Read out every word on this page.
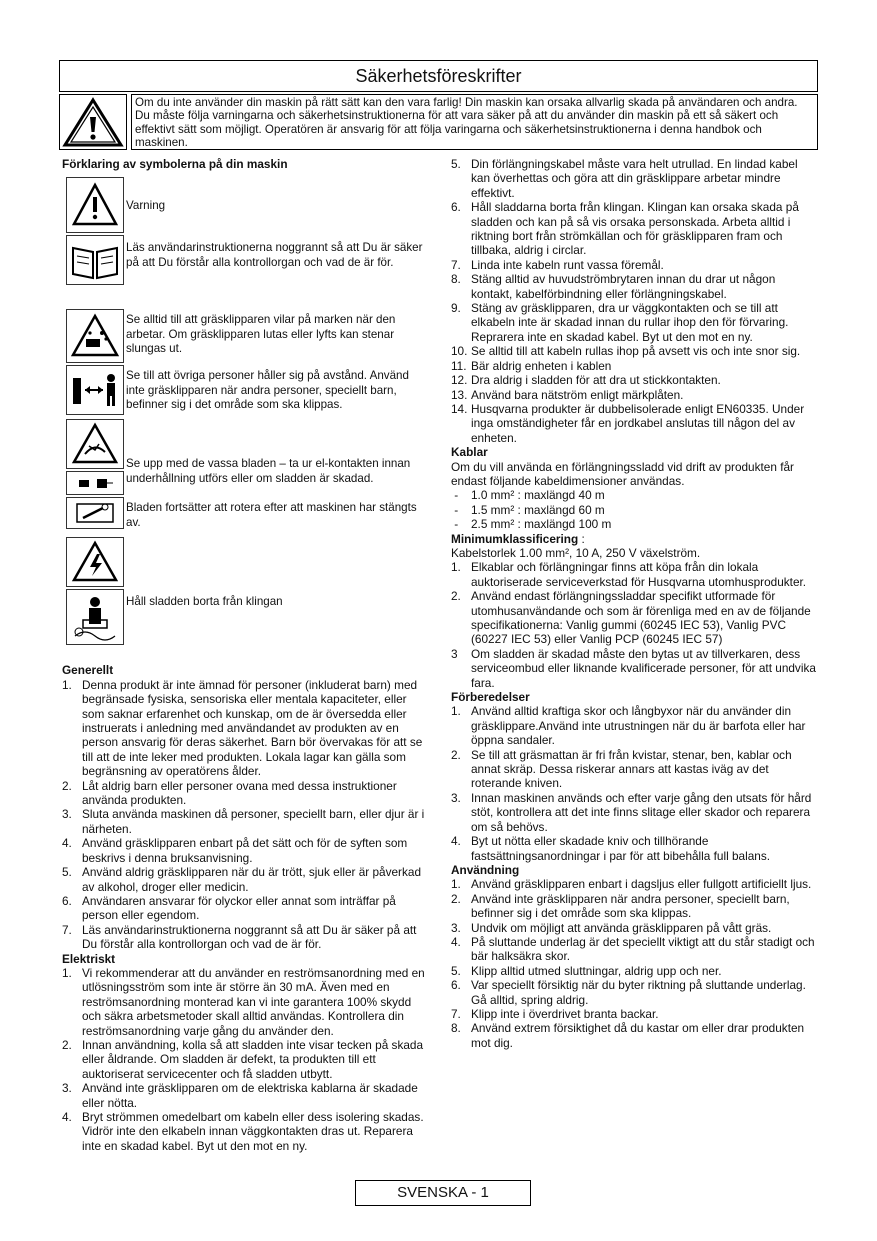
Säkerhetsföreskrifter
Om du inte använder din maskin på rätt sätt kan den vara farlig! Din maskin kan orsaka allvarlig skada på användaren och andra. Du måste följa varningarna och säkerhetsinstruktionerna för att vara säker på att du använder din maskin på ett så säkert och effektivt sätt som möjligt. Operatören är ansvarig för att följa varingarna och säkerhetsinstruktionerna i denna handbok och maskinen.
Förklaring av symbolerna på din maskin
Varning
Läs användarinstruktionerna noggrannt så att Du är säker på att Du förstår alla kontrollorgan och vad de är för.
Se alltid till att gräsklipparen vilar på marken när den arbetar. Om gräsklipparen lutas eller lyfts kan stenar slungas ut.
Se till att övriga personer håller sig på avstånd. Använd inte gräsklipparen när andra personer, speciellt barn, befinner sig i det område som ska klippas.
Se upp med de vassa bladen – ta ur el-kontakten innan underhållning utförs eller om sladden är skadad.
Bladen fortsätter att rotera efter att maskinen har stängts av.
Håll sladden borta från klingan
Generellt
1. Denna produkt är inte ämnad för personer (inkluderat barn) med begränsade fysiska, sensoriska eller mentala kapaciteter, eller som saknar erfarenhet och kunskap, om de är översedda eller instruerats i anledning med användandet av produkten av en person ansvarig för deras säkerhet. Barn bör övervakas för att se till att de inte leker med produkten. Lokala lagar kan gälla som begränsning av operatörens ålder.
2. Låt aldrig barn eller personer ovana med dessa instruktioner använda produkten.
3. Sluta använda maskinen då personer, speciellt barn, eller djur är i närheten.
4. Använd gräsklipparen enbart på det sätt och för de syften som beskrivs i denna bruksanvisning.
5. Använd aldrig gräsklipparen när du är trött, sjuk eller är påverkad av alkohol, droger eller medicin.
6. Användaren ansvarar för olyckor eller annat som inträffar på person eller egendom.
7. Läs användarinstruktionerna noggrannt så att Du är säker på att Du förstår alla kontrollorgan och vad de är för.
Elektriskt
1. Vi rekommenderar att du använder en reströmsanordning med en utlösningsström som inte är större än 30 mA. Även med en reströmsanordning monterad kan vi inte garantera 100% skydd och säkra arbetsmetoder skall alltid användas. Kontrollera din reströmsanordning varje gång du använder den.
2. Innan användning, kolla så att sladden inte visar tecken på skada eller åldrande. Om sladden är defekt, ta produkten till ett auktoriserat servicecenter och få sladden utbytt.
3. Använd inte gräsklipparen om de elektriska kablarna är skadade eller nötta.
4. Bryt strömmen omedelbart om kabeln eller dess isolering skadas. Vidrör inte den elkabeln innan väggkontakten dras ut. Reparera inte en skadad kabel. Byt ut den mot en ny.
5. Din förlängningskabel måste vara helt utrullad. En lindad kabel kan överhettas och göra att din gräsklippare arbetar mindre effektivt.
6. Håll sladdarna borta från klingan. Klingan kan orsaka skada på sladden och kan på så vis orsaka personskada. Arbeta alltid i riktning bort från strömkällan och för gräsklipparen fram och tillbaka, aldrig i circlar.
7. Linda inte kabeln runt vassa föremål.
8. Stäng alltid av huvudströmbrytaren innan du drar ut någon kontakt, kabelförbindning eller förlängningskabel.
9. Stäng av gräsklipparen, dra ur väggkontakten och se till att elkabeln inte är skadad innan du rullar ihop den för förvaring. Reprarera inte en skadad kabel. Byt ut den mot en ny.
10. Se alltid till att kabeln rullas ihop på avsett vis och inte snor sig.
11. Bär aldrig enheten i kablen
12. Dra aldrig i sladden för att dra ut stickkontakten.
13. Använd bara nätström enligt märkplåten.
14. Husqvarna produkter är dubbelisolerade enligt EN60335. Under inga omständigheter får en jordkabel anslutas till någon del av enheten.
Kablar

Om du vill använda en förlängningssladd vid drift av produkten får endast följande kabeldimensioner användas.

- 1.0 mm² : maxlängd 40 m
- 1.5 mm² : maxlängd 60 m
- 2.5 mm² : maxlängd 100 m
Minimumklassificering :

Kabelstorlek 1.00 mm², 10 A, 250 V växelström.

1. Elkablar och förlängningar finns att köpa från din lokala auktoriserade serviceverkstad för Husqvarna utomhusprodukter.
2. Använd endast förlängningssladdar specifikt utformade för utomhusanvändande och som är förenliga med en av de följande specifikationerna: Vanlig gummi (60245 IEC 53), Vanlig PVC (60227 IEC 53) eller Vanlig PCP (60245 IEC 57)
3 Om sladden är skadad måste den bytas ut av tillverkaren, dess serviceombud eller liknande kvalificerade personer, för att undvika fara.
Förberedelser
1. Använd alltid kraftiga skor och långbyxor när du använder din gräsklippare.Använd inte utrustningen när du är barfota eller har öppna sandaler.
2. Se till att gräsmattan är fri från kvistar, stenar, ben, kablar och annat skräp. Dessa riskerar annars att kastas iväg av det roterande kniven.
3. Innan maskinen används och efter varje gång den utsats för hård stöt, kontrollera att det inte finns slitage eller skador och reparera om så behövs.
4. Byt ut nötta eller skadade kniv och tillhörande fastsättningsanordningar i par för att bibehålla full balans.
Användning
1. Använd gräsklipparen enbart i dagsljus eller fullgott artificiellt ljus.
2. Använd inte gräsklipparen när andra personer, speciellt barn, befinner sig i det område som ska klippas.
3. Undvik om möjligt att använda gräsklipparen på vått gräs.
4. På sluttande underlag är det speciellt viktigt att du står stadigt och bär halksäkra skor.
5. Klipp alltid utmed sluttningar, aldrig upp och ner.
6. Var speciellt försiktig när du byter riktning på sluttande underlag. Gå alltid, spring aldrig.
7. Klipp inte i överdrivet branta backar.
8. Använd extrem försiktighet då du kastar om eller drar produkten mot dig.
SVENSKA - 1
